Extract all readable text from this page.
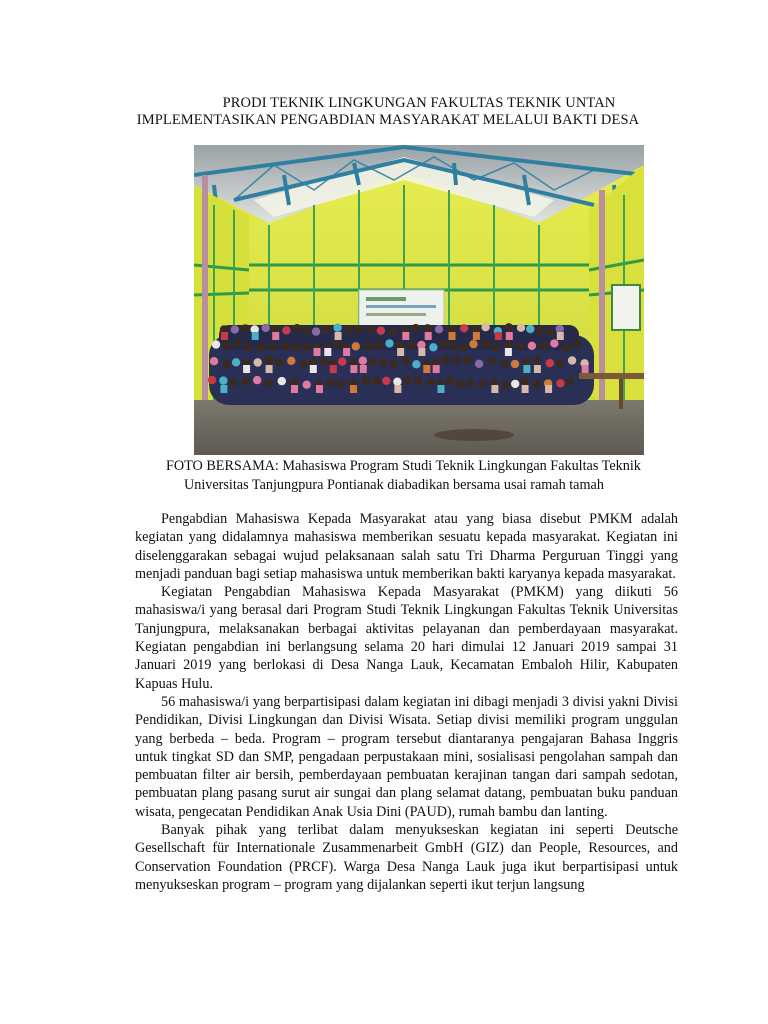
PRODI TEKNIK LINGKUNGAN FAKULTAS TEKNIK UNTAN
IMPLEMENTASIKAN PENGABDIAN MASYARAKAT MELALUI BAKTI DESA
FOTO BERSAMA: Mahasiswa Program Studi Teknik Lingkungan Fakultas Teknik
Universitas Tanjungpura Pontianak diabadikan bersama usai ramah tamah

Pengabdian Mahasiswa Kepada Masyarakat atau yang biasa disebut PMKM adalah kegiatan yang didalamnya mahasiswa memberikan sesuatu kepada masyarakat. Kegiatan ini diselenggarakan sebagai wujud pelaksanaan salah satu Tri Dharma Perguruan Tinggi yang menjadi panduan bagi setiap mahasiswa untuk memberikan bakti karyanya kepada masyarakat.

Kegiatan Pengabdian Mahasiswa Kepada Masyarakat (PMKM) yang diikuti 56 mahasiswa/i yang berasal dari Program Studi Teknik Lingkungan Fakultas Teknik Universitas Tanjungpura, melaksanakan berbagai aktivitas pelayanan dan pemberdayaan masyarakat. Kegiatan pengabdian ini berlangsung selama 20 hari dimulai 12 Januari 2019 sampai 31 Januari 2019 yang berlokasi di Desa Nanga Lauk, Kecamatan Embaloh Hilir, Kabupaten Kapuas Hulu.

56 mahasiswa/i yang berpartisipasi dalam kegiatan ini dibagi menjadi 3 divisi yakni Divisi Pendidikan, Divisi Lingkungan dan Divisi Wisata. Setiap divisi memiliki program unggulan yang berbeda – beda. Program – program tersebut diantaranya pengajaran Bahasa Inggris untuk tingkat SD dan SMP, pengadaan perpustakaan mini, sosialisasi pengolahan sampah dan pembuatan filter air bersih, pemberdayaan pembuatan kerajinan tangan dari sampah sedotan, pembuatan plang pasang surut air sungai dan plang selamat datang, pembuatan buku panduan wisata, pengecatan Pendidikan Anak Usia Dini (PAUD), rumah bambu dan lanting.

Banyak pihak yang terlibat dalam menyukseskan kegiatan ini seperti Deutsche Gesellschaft für Internationale Zusammenarbeit GmbH (GIZ) dan People, Resources, and Conservation Foundation (PRCF). Warga Desa Nanga Lauk juga ikut berpartisipasi untuk menyukseskan program – program yang dijalankan seperti ikut terjun langsung
